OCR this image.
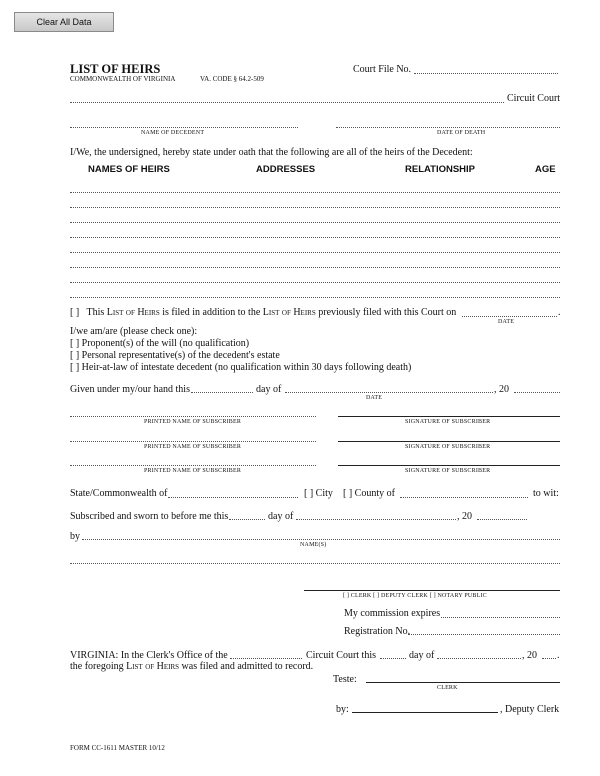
Clear All Data
LIST OF HEIRS
COMMONWEALTH OF VIRGINIA	VA. CODE § 64.2-509
Court File No.
Circuit Court
NAME OF DECEDENT	DATE OF DEATH
I/We, the undersigned, hereby state under oath that the following are all of the heirs of the Decedent:
NAMES OF HEIRS	ADDRESSES	RELATIONSHIP	AGE
[ ] This List of Heirs is filed in addition to the List of Heirs previously filed with this Court on	.
DATE
I/we am/are (please check one):
[ ] Proponent(s) of the will (no qualification)
[ ] Personal representative(s) of the decedent's estate
[ ] Heir-at-law of intestate decedent (no qualification within 30 days following death)
Given under my/our hand this	day of	, 20
DATE
PRINTED NAME OF SUBSCRIBER	SIGNATURE OF SUBSCRIBER
PRINTED NAME OF SUBSCRIBER	SIGNATURE OF SUBSCRIBER
PRINTED NAME OF SUBSCRIBER	SIGNATURE OF SUBSCRIBER
State/Commonwealth of	[ ] City [ ] County of	to wit:
Subscribed and sworn to before me this	day of	, 20
by
NAME(S)
[ ] CLERK [ ] DEPUTY CLERK [ ] NOTARY PUBLIC
My commission expires
Registration No.
VIRGINIA: In the Clerk's Office of the	Circuit Court this	day of	, 20 .
the foregoing List of Heirs was filed and admitted to record.
Teste:
CLERK
by:	, Deputy Clerk
FORM CC-1611 MASTER 10/12
